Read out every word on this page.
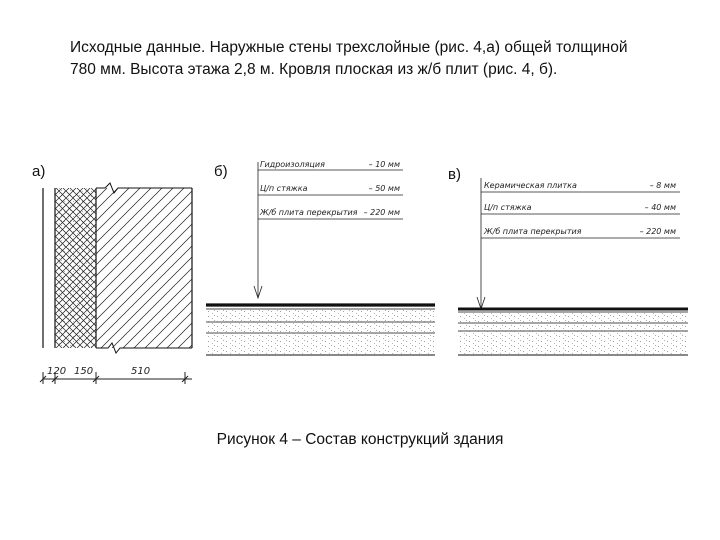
Исходные данные. Наружные стены трехслойные (рис. 4,а) общей толщиной

780 мм. Высота этажа 2,8 м. Кровля плоская из ж/б плит (рис. 4, б).

а)	б)	в)
120 150	510
Гидроизоляция	– 10 мм
Ц/п стяжка	– 50 мм
Ж/б плита перекрытия – 220 мм
Керамическая плитка	– 8 мм
Ц/п стяжка	– 40 мм
Ж/б плита перекрытия	– 220 мм
Рисунок 4 – Состав конструкций здания
